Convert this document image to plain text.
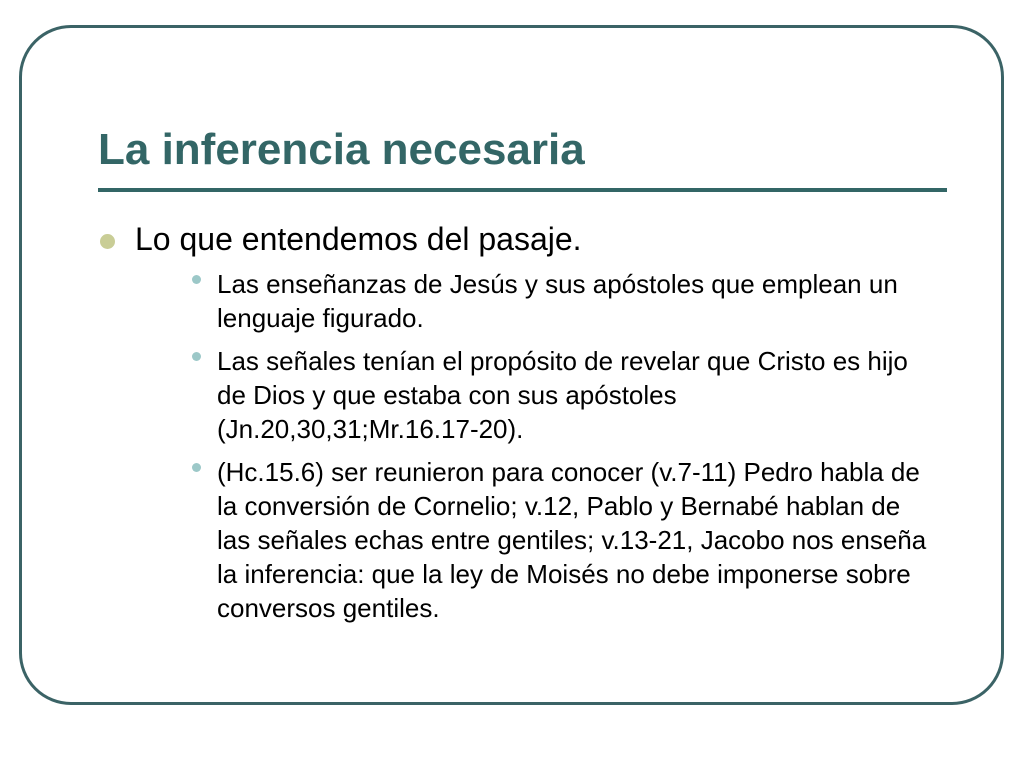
La inferencia necesaria
Lo que entendemos del pasaje.
Las enseñanzas de Jesús y sus apóstoles que emplean un lenguaje figurado.
Las señales tenían el propósito de revelar que Cristo es hijo de Dios y que estaba con sus apóstoles (Jn.20,30,31;Mr.16.17-20).
(Hc.15.6) ser reunieron para conocer (v.7-11) Pedro habla de la conversión de Cornelio; v.12, Pablo y Bernabé hablan de las señales echas entre gentiles; v.13-21, Jacobo nos enseña la inferencia: que la ley de Moisés no debe imponerse sobre conversos gentiles.
